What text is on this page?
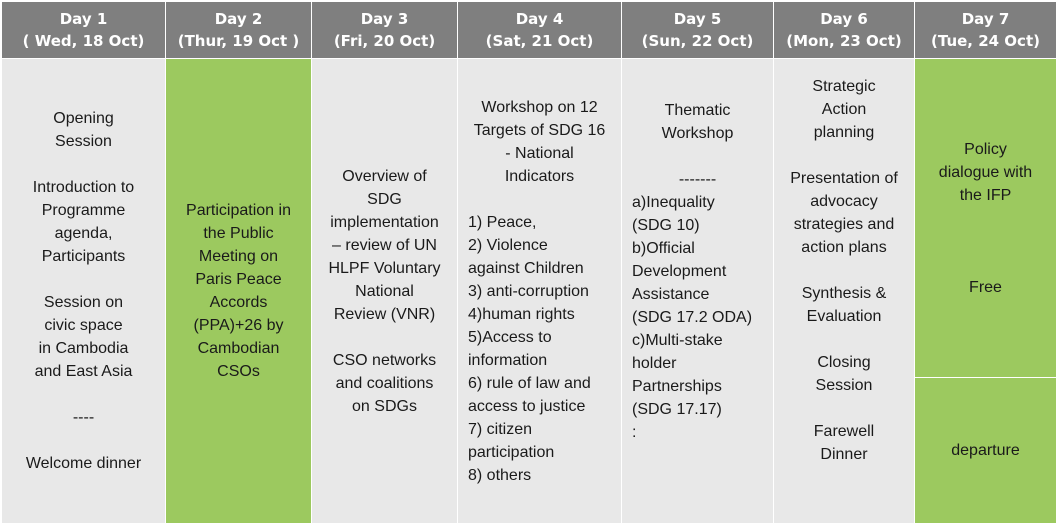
Day 1
( Wed, 18 Oct)
Day 2
(Thur, 19 Oct )
Day 3
(Fri, 20 Oct)
Day 4
(Sat, 21 Oct)
Day 5
(Sun, 22 Oct)
Day 6
(Mon, 23 Oct)
Day 7
(Tue, 24 Oct)
Opening
Session

Introduction to
Programme
agenda,
Participants

Session on
civic space
in Cambodia
and East Asia

----

Welcome dinner
Participation in
the Public
Meeting on
Paris Peace
Accords
(PPA)+26 by
Cambodian
CSOs
Overview of
SDG
implementation
– review of UN
HLPF Voluntary
National
Review (VNR)

CSO networks
and coalitions
on SDGs
Workshop on 12
Targets of SDG 16
- National
Indicators
1) Peace,
2) Violence
against Children
3) anti-corruption
4)human rights
5)Access to
information
6) rule of law and
access to justice
7) citizen
participation
8) others
Thematic
Workshop

-------
a)Inequality
(SDG 10)
b)Official
Development
Assistance
(SDG 17.2 ODA)
c)Multi-stake
holder
Partnerships
(SDG 17.17)
:
Strategic
Action
planning

Presentation of
advocacy
strategies and
action plans

Synthesis &
Evaluation

Closing
Session

Farewell
Dinner
Policy
dialogue with
the IFP

Free
departure
